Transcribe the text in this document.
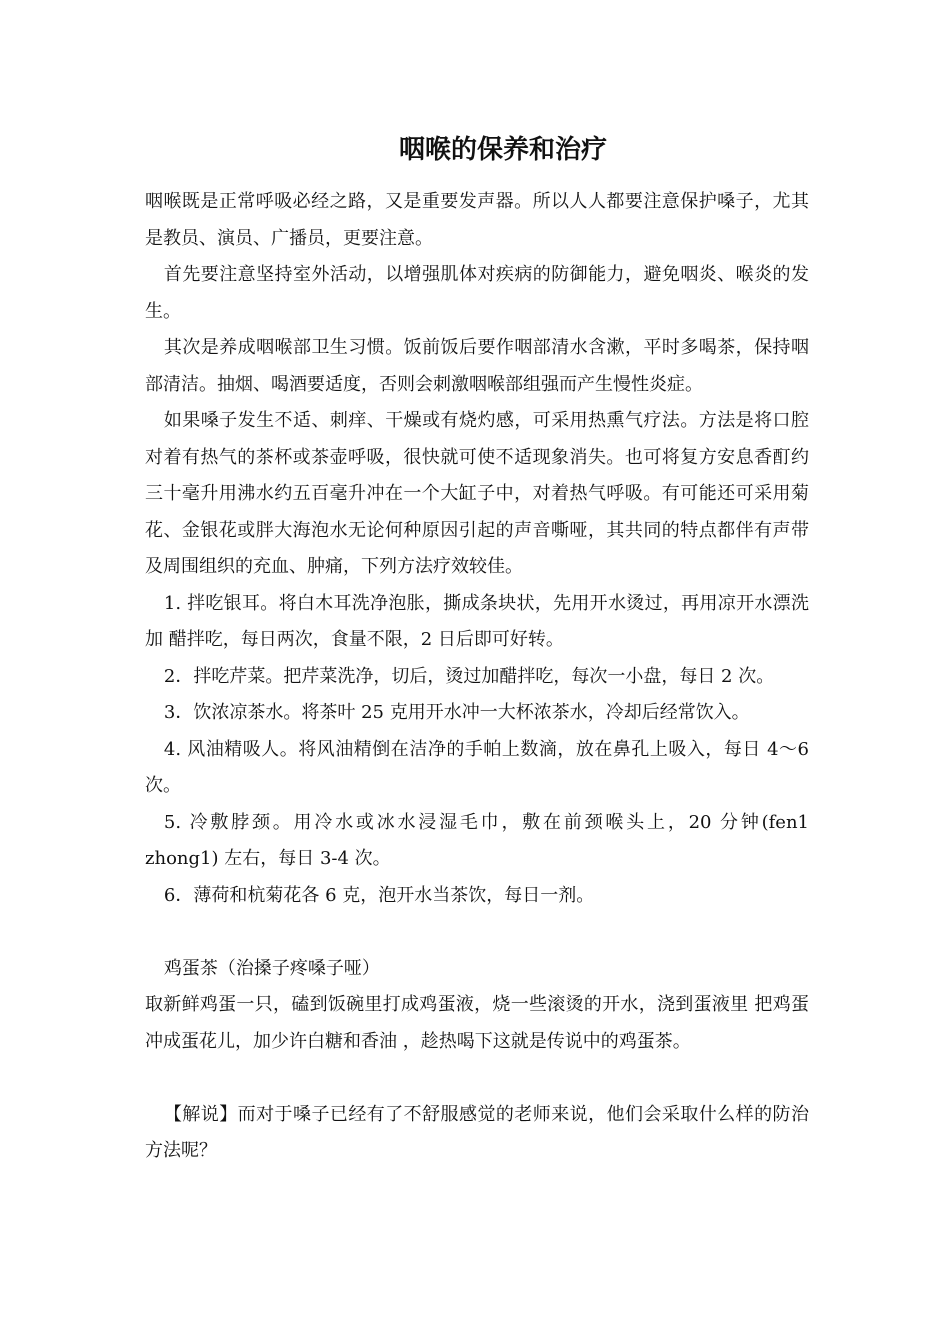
咽喉的保养和治疗

咽喉既是正常呼吸必经之路，又是重要发声器。所以人人都要注意保护嗓子，尤其是教员、演员、广播员，更要注意。

首先要注意坚持室外活动，以增强肌体对疾病的防御能力，避免咽炎、喉炎的发生。

其次是养成咽喉部卫生习惯。饭前饭后要作咽部清水含漱，平时多喝茶，保持咽部清洁。抽烟、喝酒要适度，否则会刺激咽喉部组强而产生慢性炎症。

如果嗓子发生不适、刺痒、干燥或有烧灼感，可采用热熏气疗法。方法是将口腔对着有热气的茶杯或茶壶呼吸，很快就可使不适现象消失。也可将复方安息香酊约三十毫升用沸水约五百毫升冲在一个大缸子中，对着热气呼吸。有可能还可采用菊花、金银花或胖大海泡水无论何种原因引起的声音嘶哑，其共同的特点都伴有声带及周围组织的充血、肿痛，下列方法疗效较佳。

1. 拌吃银耳。将白木耳洗净泡胀，撕成条块状，先用开水烫过，再用凉开水漂洗加 醋拌吃，每日两次，食量不限，2 日后即可好转。

2．拌吃芹菜。把芹菜洗净，切后，烫过加醋拌吃，每次一小盘，每日 2 次。

3．饮浓凉茶水。将茶叶 25 克用开水冲一大杯浓茶水，冷却后经常饮入。

4. 风油精吸人。将风油精倒在洁净的手帕上数滴，放在鼻孔上吸入，每日 4～6 次。

5. 冷敷脖颈。用冷水或冰水浸湿毛巾，敷在前颈喉头上，20 分钟(fen1 zhong1) 左右，每日 3-4 次。

6．薄荷和杭菊花各 6 克，泡开水当茶饮，每日一剂。

鸡蛋茶（治搡子疼嗓子哑）

取新鲜鸡蛋一只，磕到饭碗里打成鸡蛋液，烧一些滚烫的开水，浇到蛋液里 把鸡蛋冲成蛋花儿，加少许白糖和香油 ，趁热喝下这就是传说中的鸡蛋茶。

【解说】而对于嗓子已经有了不舒服感觉的老师来说，他们会采取什么样的防治方法呢？
